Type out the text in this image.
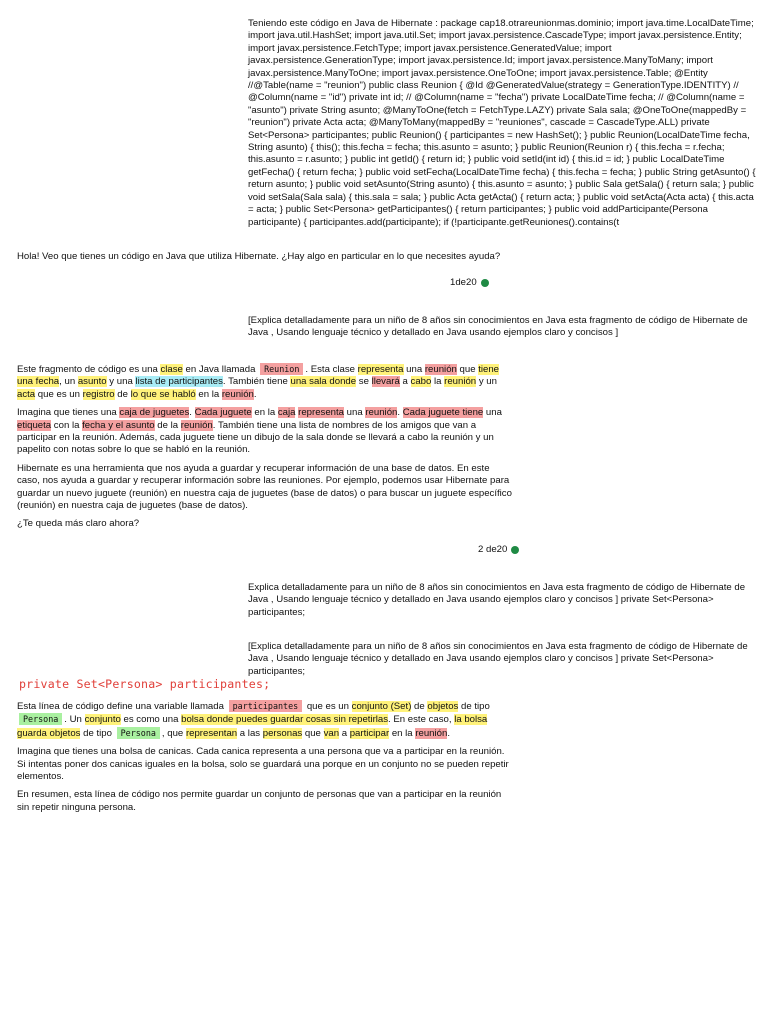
Teniendo este código en Java de Hibernate : package cap18.otrareunionmas.dominio; import java.time.LocalDateTime; import java.util.HashSet; import java.util.Set; import javax.persistence.CascadeType; import javax.persistence.Entity; import javax.persistence.FetchType; import javax.persistence.GeneratedValue; import javax.persistence.GenerationType; import javax.persistence.Id; import javax.persistence.ManyToMany; import javax.persistence.ManyToOne; import javax.persistence.OneToOne; import javax.persistence.Table; @Entity //@Table(name = "reunion") public class Reunion { @Id @GeneratedValue(strategy = GenerationType.IDENTITY) // @Column(name = "id") private int id; // @Column(name = "fecha") private LocalDateTime fecha; // @Column(name = "asunto") private String asunto; @ManyToOne(fetch = FetchType.LAZY) private Sala sala; @OneToOne(mappedBy = "reunion") private Acta acta; @ManyToMany(mappedBy = "reuniones", cascade = CascadeType.ALL) private Set<Persona> participantes; public Reunion() { participantes = new HashSet(); } public Reunion(LocalDateTime fecha, String asunto) { this(); this.fecha = fecha; this.asunto = asunto; } public Reunion(Reunion r) { this.fecha = r.fecha; this.asunto = r.asunto; } public int getId() { return id; } public void setId(int id) { this.id = id; } public LocalDateTime getFecha() { return fecha; } public void setFecha(LocalDateTime fecha) { this.fecha = fecha; } public String getAsunto() { return asunto; } public void setAsunto(String asunto) { this.asunto = asunto; } public Sala getSala() { return sala; } public void setSala(Sala sala) { this.sala = sala; } public Acta getActa() { return acta; } public void setActa(Acta acta) { this.acta = acta; } public Set<Persona> getParticipantes() { return participantes; } public void addParticipante(Persona participante) { participantes.add(participante); if (!participante.getReuniones().contains(t
Hola! Veo que tienes un código en Java que utiliza Hibernate. ¿Hay algo en particular en lo que necesites ayuda?
1de20
[Explica detalladamente para un niño de 8 años sin conocimientos en Java esta fragmento de código de Hibernate de Java , Usando lenguaje técnico y detallado en Java usando ejemplos claro y concisos ]

Este fragmento de código es una clase en Java llamada Reunion . Esta clase representa una reunión que tiene una fecha, un asunto y una lista de participantes. También tiene una sala donde se llevará a cabo la reunión y un acta que es un registro de lo que se habló en la reunión.

Imagina que tienes una caja de juguetes. Cada juguete en la caja representa una reunión. Cada juguete tiene una etiqueta con la fecha y el asunto de la reunión. También tiene una lista de nombres de los amigos que van a participar en la reunión. Además, cada juguete tiene un dibujo de la sala donde se llevará a cabo la reunión y un papelito con notas sobre lo que se habló en la reunión.

Hibernate es una herramienta que nos ayuda a guardar y recuperar información de una base de datos. En este caso, nos ayuda a guardar y recuperar información sobre las reuniones. Por ejemplo, podemos usar Hibernate para guardar un nuevo juguete (reunión) en nuestra caja de juguetes (base de datos) o para buscar un juguete específico (reunión) en nuestra caja de juguetes (base de datos).

¿Te queda más claro ahora?

2 de20
Explica detalladamente para un niño de 8 años sin conocimientos en Java esta fragmento de código de Hibernate de Java , Usando lenguaje técnico y detallado en Java usando ejemplos claro y concisos ] private Set<Persona> participantes;
[Explica detalladamente para un niño de 8 años sin conocimientos en Java esta fragmento de código de Hibernate de Java , Usando lenguaje técnico y detallado en Java usando ejemplos claro y concisos ] private Set<Persona> participantes;
private Set<Persona> participantes;

Esta línea de código define una variable llamada participantes que es un conjunto (Set) de objetos de tipo Persona . Un conjunto es como una bolsa donde puedes guardar cosas sin repetirlas. En este caso, la bolsa guarda objetos de tipo Persona , que representan a las personas que van a participar en la reunión.

Imagina que tienes una bolsa de canicas. Cada canica representa a una persona que va a participar en la reunión. Si intentas poner dos canicas iguales en la bolsa, solo se guardará una porque en un conjunto no se pueden repetir elementos.

En resumen, esta línea de código nos permite guardar un conjunto de personas que van a participar en la reunión sin repetir ninguna persona.
